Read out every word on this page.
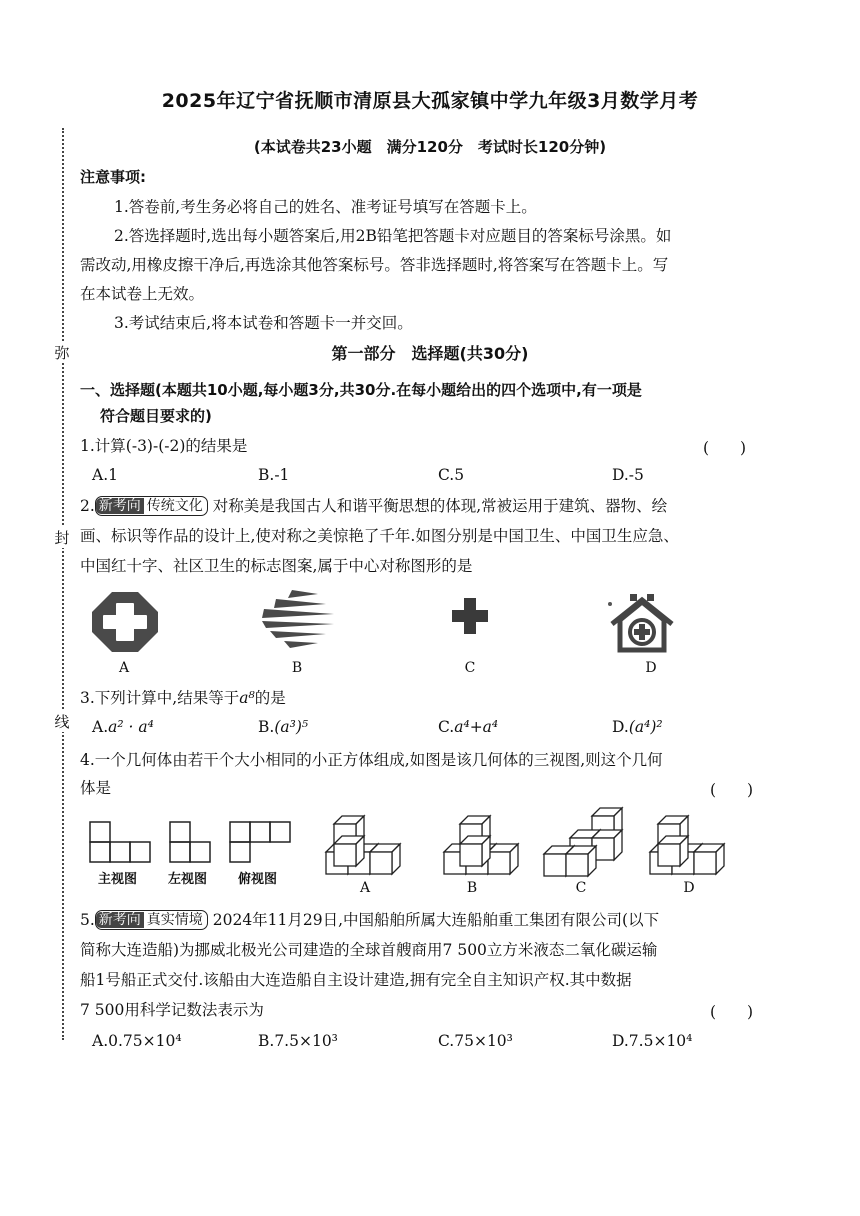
2025年辽宁省抚顺市清原县大孤家镇中学九年级3月数学月考
弥
封
线
(本试卷共23小题　满分120分　考试时长120分钟)
注意事项:
1.答卷前,考生务必将自己的姓名、准考证号填写在答题卡上。
2.答选择题时,选出每小题答案后,用2B铅笔把答题卡对应题目的答案标号涂黑。如
需改动,用橡皮擦干净后,再选涂其他答案标号。答非选择题时,将答案写在答题卡上。写
在本试卷上无效。
3.考试结束后,将本试卷和答题卡一并交回。
第一部分　选择题(共30分)
一、选择题(本题共10小题,每小题3分,共30分.在每小题给出的四个选项中,有一项是
符合题目要求的)
1.计算(-3)-(-2)的结果是	(　　)
A.1	B.-1	C.5	D.-5
2. 新考向 传统文化 对称美是我国古人和谐平衡思想的体现,常被运用于建筑、器物、绘
画、标识等作品的设计上,使对称之美惊艳了千年.如图分别是中国卫生、中国卫生应急、
中国红十字、社区卫生的标志图案,属于中心对称图形的是
A	B	C	D
3.下列计算中,结果等于a⁸的是
A.a² · a⁴	B.(a³)⁵	C.a⁴+a⁴	D.(a⁴)²
4.一个几何体由若干个大小相同的小正方体组成,如图是该几何体的三视图,则这个几何
体是	(　　)
主视图 左视图 俯视图
A	B	C	D
5. 新考向 真实情境 2024年11月29日,中国船舶所属大连船舶重工集团有限公司(以下
简称大连造船)为挪威北极光公司建造的全球首艘商用7 500立方米液态二氧化碳运输
船1号船正式交付.该船由大连造船自主设计建造,拥有完全自主知识产权.其中数据
7 500用科学记数法表示为	(　　)
A.0.75×10⁴	B.7.5×10³	C.75×10³	D.7.5×10⁴
